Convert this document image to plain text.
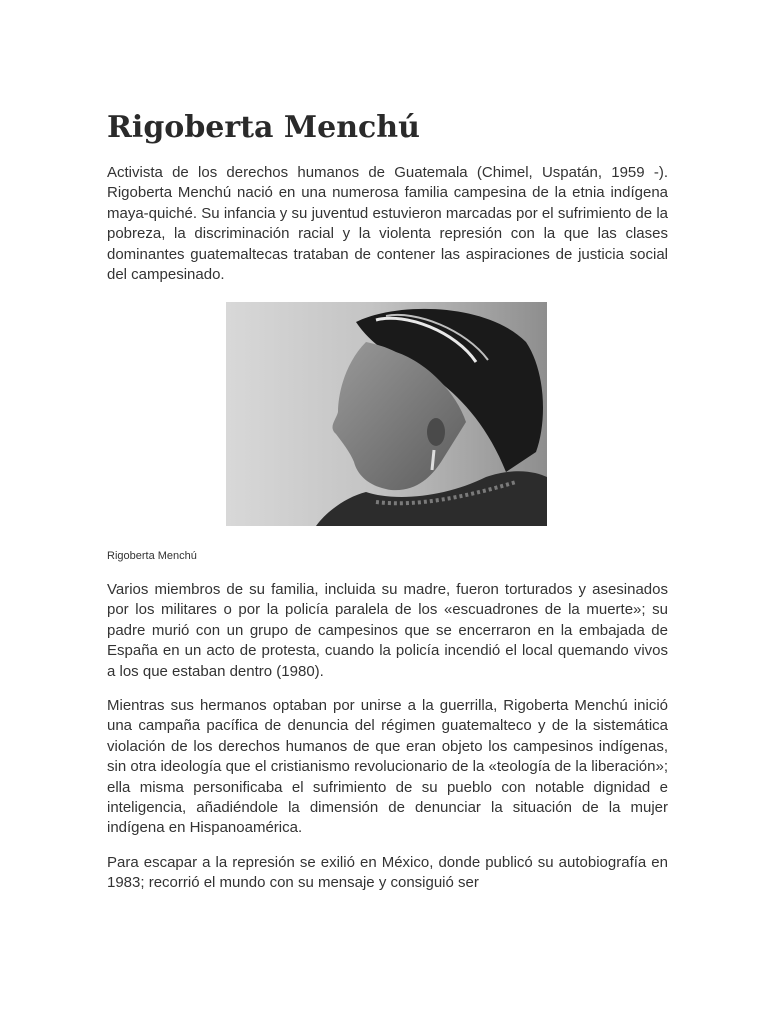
Rigoberta Menchú

Activista de los derechos humanos de Guatemala (Chimel, Uspatán, 1959 -). Rigoberta Menchú nació en una numerosa familia campesina de la etnia indígena maya-quiché. Su infancia y su juventud estuvieron marcadas por el sufrimiento de la pobreza, la discriminación racial y la violenta represión con la que las clases dominantes guatemaltecas trataban de contener las aspiraciones de justicia social del campesinado.

Rigoberta Menchú

Varios miembros de su familia, incluida su madre, fueron torturados y asesinados por los militares o por la policía paralela de los «escuadrones de la muerte»; su padre murió con un grupo de campesinos que se encerraron en la embajada de España en un acto de protesta, cuando la policía incendió el local quemando vivos a los que estaban dentro (1980).

Mientras sus hermanos optaban por unirse a la guerrilla, Rigoberta Menchú inició una campaña pacífica de denuncia del régimen guatemalteco y de la sistemática violación de los derechos humanos de que eran objeto los campesinos indígenas, sin otra ideología que el cristianismo revolucionario de la «teología de la liberación»; ella misma personificaba el sufrimiento de su pueblo con notable dignidad e inteligencia, añadiéndole la dimensión de denunciar la situación de la mujer indígena en Hispanoamérica.

Para escapar a la represión se exilió en México, donde publicó su autobiografía en 1983; recorrió el mundo con su mensaje y consiguió ser
